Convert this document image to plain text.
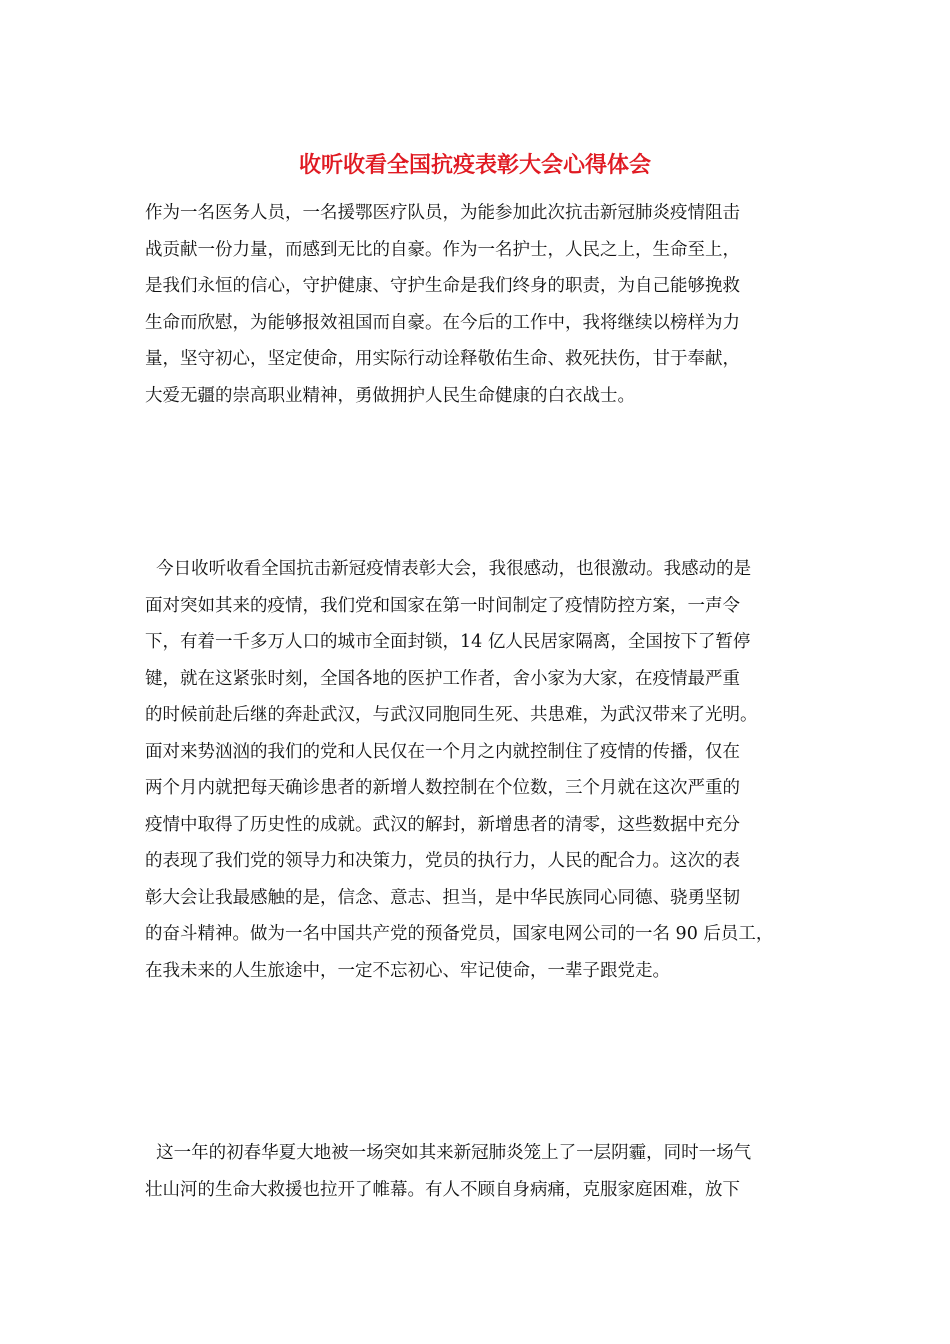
收听收看全国抗疫表彰大会心得体会
作为一名医务人员，一名援鄂医疗队员，为能参加此次抗击新冠肺炎疫情阻击
战贡献一份力量，而感到无比的自豪。作为一名护士，人民之上，生命至上，
是我们永恒的信心，守护健康、守护生命是我们终身的职责，为自己能够挽救
生命而欣慰，为能够报效祖国而自豪。在今后的工作中，我将继续以榜样为力
量，坚守初心，坚定使命，用实际行动诠释敬佑生命、救死扶伤，甘于奉献，
大爱无疆的崇高职业精神，勇做拥护人民生命健康的白衣战士。
今日收听收看全国抗击新冠疫情表彰大会，我很感动，也很激动。我感动的是
面对突如其来的疫情，我们党和国家在第一时间制定了疫情防控方案，一声令
下，有着一千多万人口的城市全面封锁，14 亿人民居家隔离，全国按下了暂停
键，就在这紧张时刻，全国各地的医护工作者，舍小家为大家，在疫情最严重
的时候前赴后继的奔赴武汉，与武汉同胞同生死、共患难，为武汉带来了光明。
面对来势汹汹的我们的党和人民仅在一个月之内就控制住了疫情的传播，仅在
两个月内就把每天确诊患者的新增人数控制在个位数，三个月就在这次严重的
疫情中取得了历史性的成就。武汉的解封，新增患者的清零，这些数据中充分
的表现了我们党的领导力和决策力，党员的执行力，人民的配合力。这次的表
彰大会让我最感触的是，信念、意志、担当，是中华民族同心同德、骁勇坚韧
的奋斗精神。做为一名中国共产党的预备党员，国家电网公司的一名 90 后员工，
在我未来的人生旅途中，一定不忘初心、牢记使命，一辈子跟党走。
这一年的初春华夏大地被一场突如其来新冠肺炎笼上了一层阴霾，同时一场气
壮山河的生命大救援也拉开了帷幕。有人不顾自身病痛，克服家庭困难，放下
